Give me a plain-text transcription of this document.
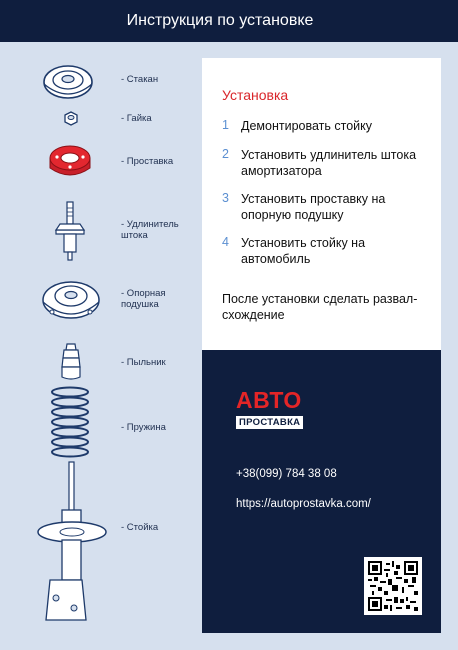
Инструкция по установке
- Стакан
- Гайка
- Проставка
- Удлинитель
штока
- Опорная
подушка
- Пыльник
- Пружина
- Стойка
Установка
1 Демонтировать стойку
2 Установить удлинитель штока амортизатора
3 Установить проставку на опорную подушку
4 Установить стойку на автомобиль
После установки сделать развал-схождение
АВТО
ПРОСТАВКА
+38(099) 784 38 08
https://autoprostavka.com/
